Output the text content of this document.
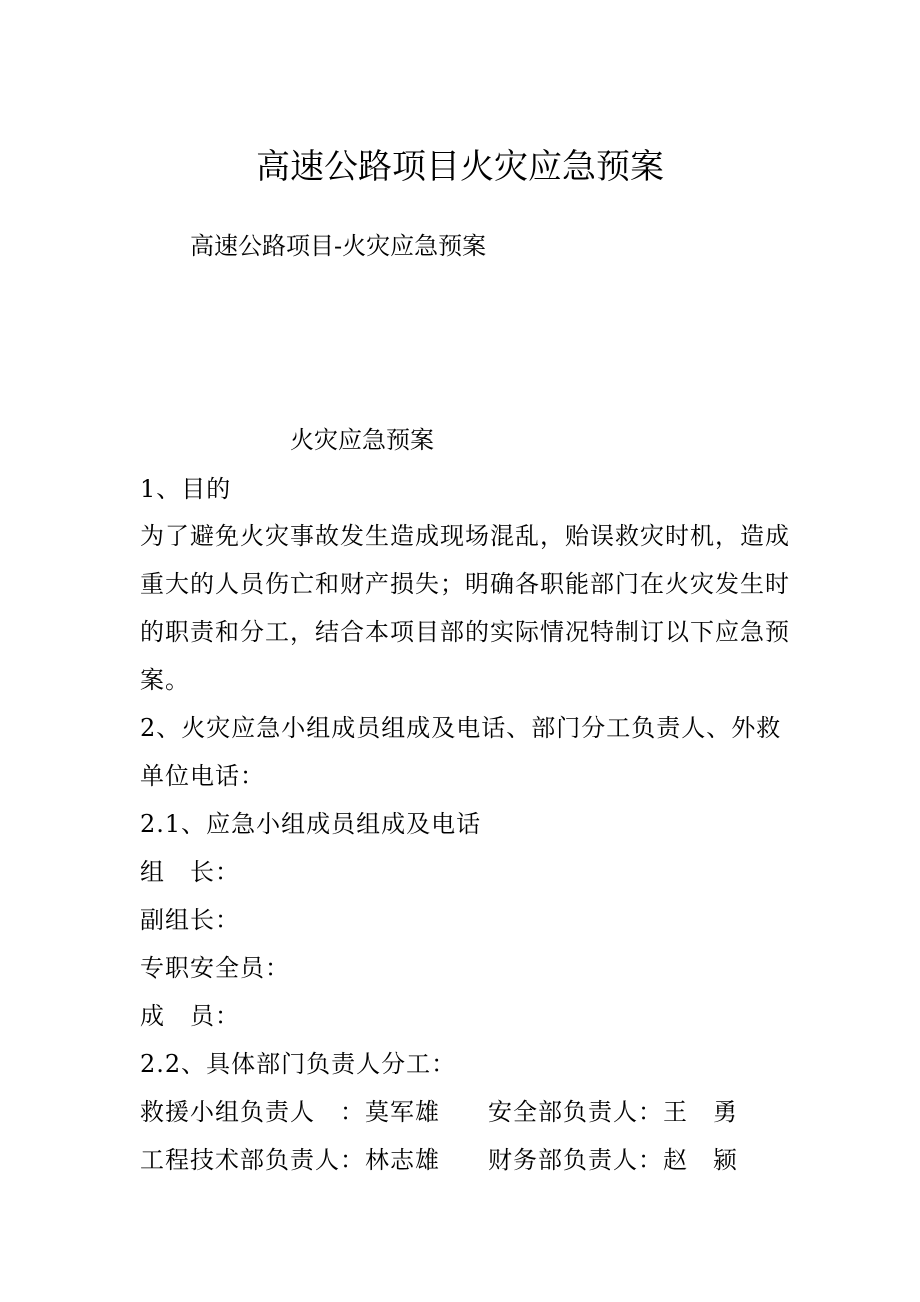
高速公路项目火灾应急预案
高速公路项目-火灾应急预案
火灾应急预案
1、目的
为了避免火灾事故发生造成现场混乱，贻误救灾时机，造成
重大的人员伤亡和财产损失；明确各职能部门在火灾发生时
的职责和分工，结合本项目部的实际情况特制订以下应急预
案。
2、火灾应急小组成员组成及电话、部门分工负责人、外救
单位电话：
2.1、应急小组成员组成及电话
组　长：
副组长：
专职安全员：
成　员：
2.2、具体部门负责人分工：
救援小组负责人　：莫军雄 安全部负责人：王　勇
工程技术部负责人：林志雄 财务部负责人：赵　颍
